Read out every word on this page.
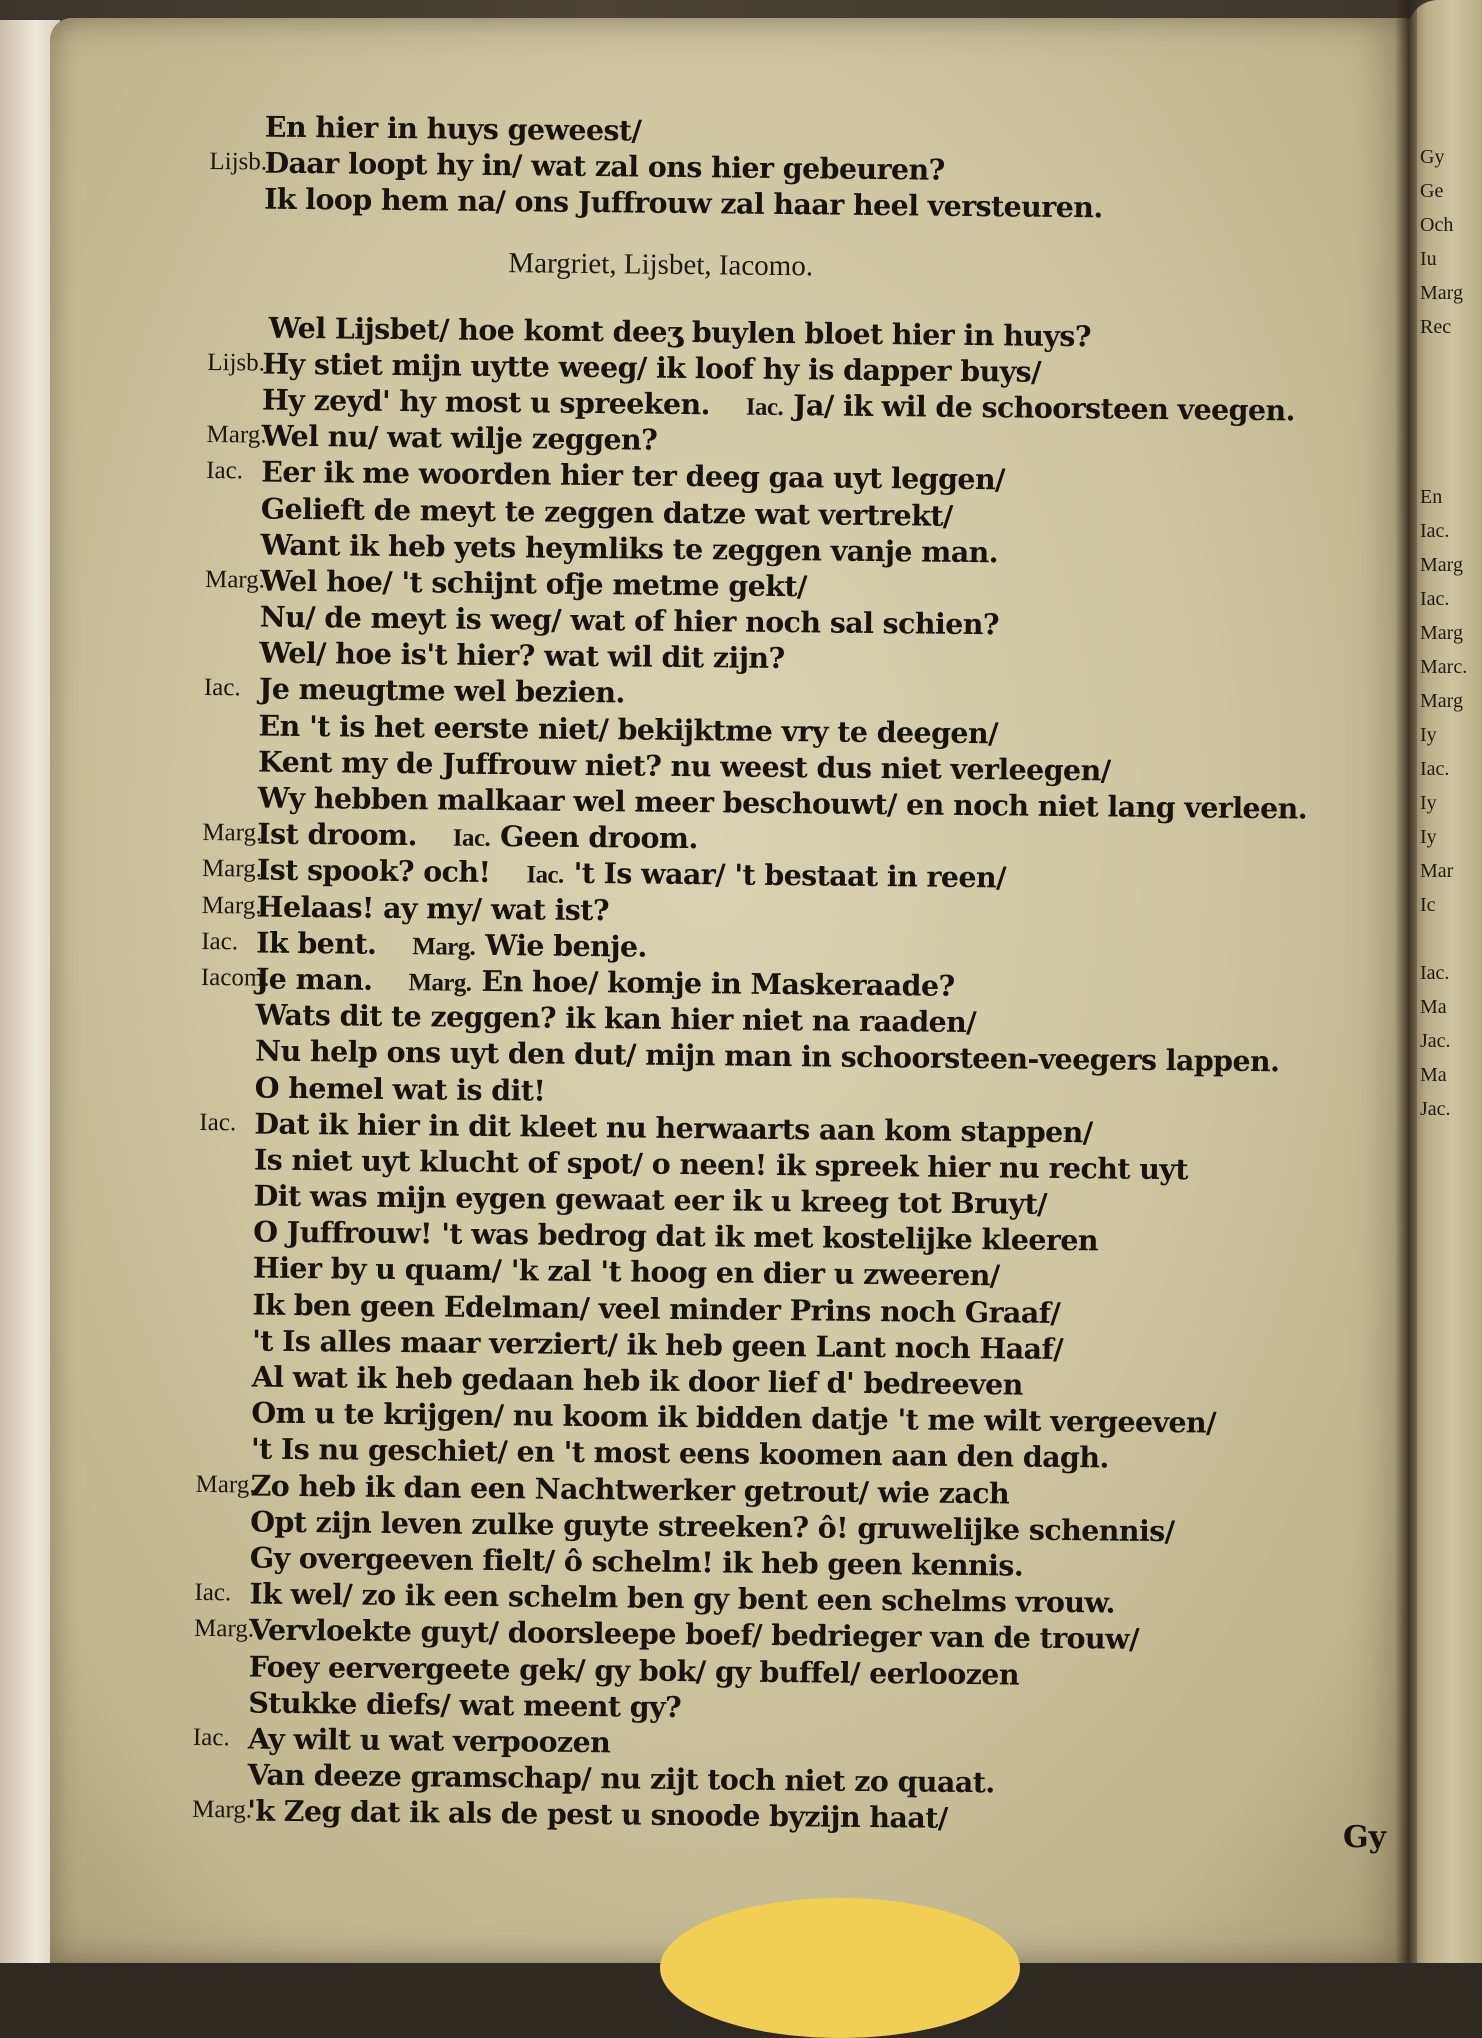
En hier in huys geweest/
Lijsb.
Daar loopt hy in/ wat zal ons hier gebeuren?
Ik loop hem na/ ons Juffrouw zal haar heel versteuren.
Margriet, Lijsbet, Iacomo.
Wel Lijsbet/ hoe komt deeʒ buylen bloet hier in huys?
Lijsb.
Hy stiet mijn uytte weeg/ ik loof hy is dapper buys/
Hy zeyd' hy most u spreeken. Iac. Ja/ ik wil de schoorsteen veegen.
Marg.
Wel nu/ wat wilje zeggen?
Iac. Eer ik me woorden hier ter deeg gaa uyt leggen/
Gelieft de meyt te zeggen datze wat vertrekt/
Want ik heb yets heymliks te zeggen vanje man.
Marg.
Wel hoe/ 't schijnt ofje metme gekt/
Nu/ de meyt is weg/ wat of hier noch sal schien?
Wel/ hoe is't hier? wat wil dit zijn?
Iac. Je meugtme wel bezien.
En 't is het eerste niet/ bekijktme vry te deegen/
Kent my de Juffrouw niet? nu weest dus niet verleegen/
Wy hebben malkaar wel meer beschouwt/ en noch niet lang verleen.
Marg.
Ist droom. Iac. Geen droom.
Marg.
Ist spook? och! Iac. 't Is waar/ 't bestaat in reen/
Marg.
Helaas! ay my/ wat ist?
Iac. Ik bent. Marg. Wie benje.
Iacom.
Je man. Marg. En hoe/ komje in Maskeraade?
Wats dit te zeggen? ik kan hier niet na raaden/
Nu help ons uyt den dut/ mijn man in schoorsteen-veegers lappen.
O hemel wat is dit!
Iac. Dat ik hier in dit kleet nu herwaarts aan kom stappen/
Is niet uyt klucht of spot/ o neen! ik spreek hier nu recht uyt
Dit was mijn eygen gewaat eer ik u kreeg tot Bruyt/
O Juffrouw! 't was bedrog dat ik met kostelijke kleeren
Hier by u quam/ 'k zal 't hoog en dier u zweeren/
Ik ben geen Edelman/ veel minder Prins noch Graaf/
't Is alles maar verziert/ ik heb geen Lant noch Haaf/
Al wat ik heb gedaan heb ik door lief d' bedreeven
Om u te krijgen/ nu koom ik bidden datje 't me wilt vergeeven/
't Is nu geschiet/ en 't most eens koomen aan den dagh.
Marg.
Zo heb ik dan een Nachtwerker getrout/ wie zach
Opt zijn leven zulke guyte streeken? ô! gruwelijke schennis/
Gy overgeeven fielt/ ô schelm! ik heb geen kennis.
Iac. Ik wel/ zo ik een schelm ben gy bent een schelms vrouw.
Marg.
Vervloekte guyt/ doorsleepe boef/ bedrieger van de trouw/
Foey eervergeete gek/ gy bok/ gy buffel/ eerloozen
Stukke diefs/ wat meent gy?
Iac. Ay wilt u wat verpoozen
Van deeze gramschap/ nu zijt toch niet zo quaat.
Marg.
'k Zeg dat ik als de pest u snoode byzijn haat/
Gy
Gy
Ge
Och
Iu
Marg
Rec
En
Iac.
Marg
Iac.
Marg
Marc.
Marg
Iy
Iac.
Iy
Iy
Mar
Ic
Iac.
Ma
Jac.
Ma
Jac.
